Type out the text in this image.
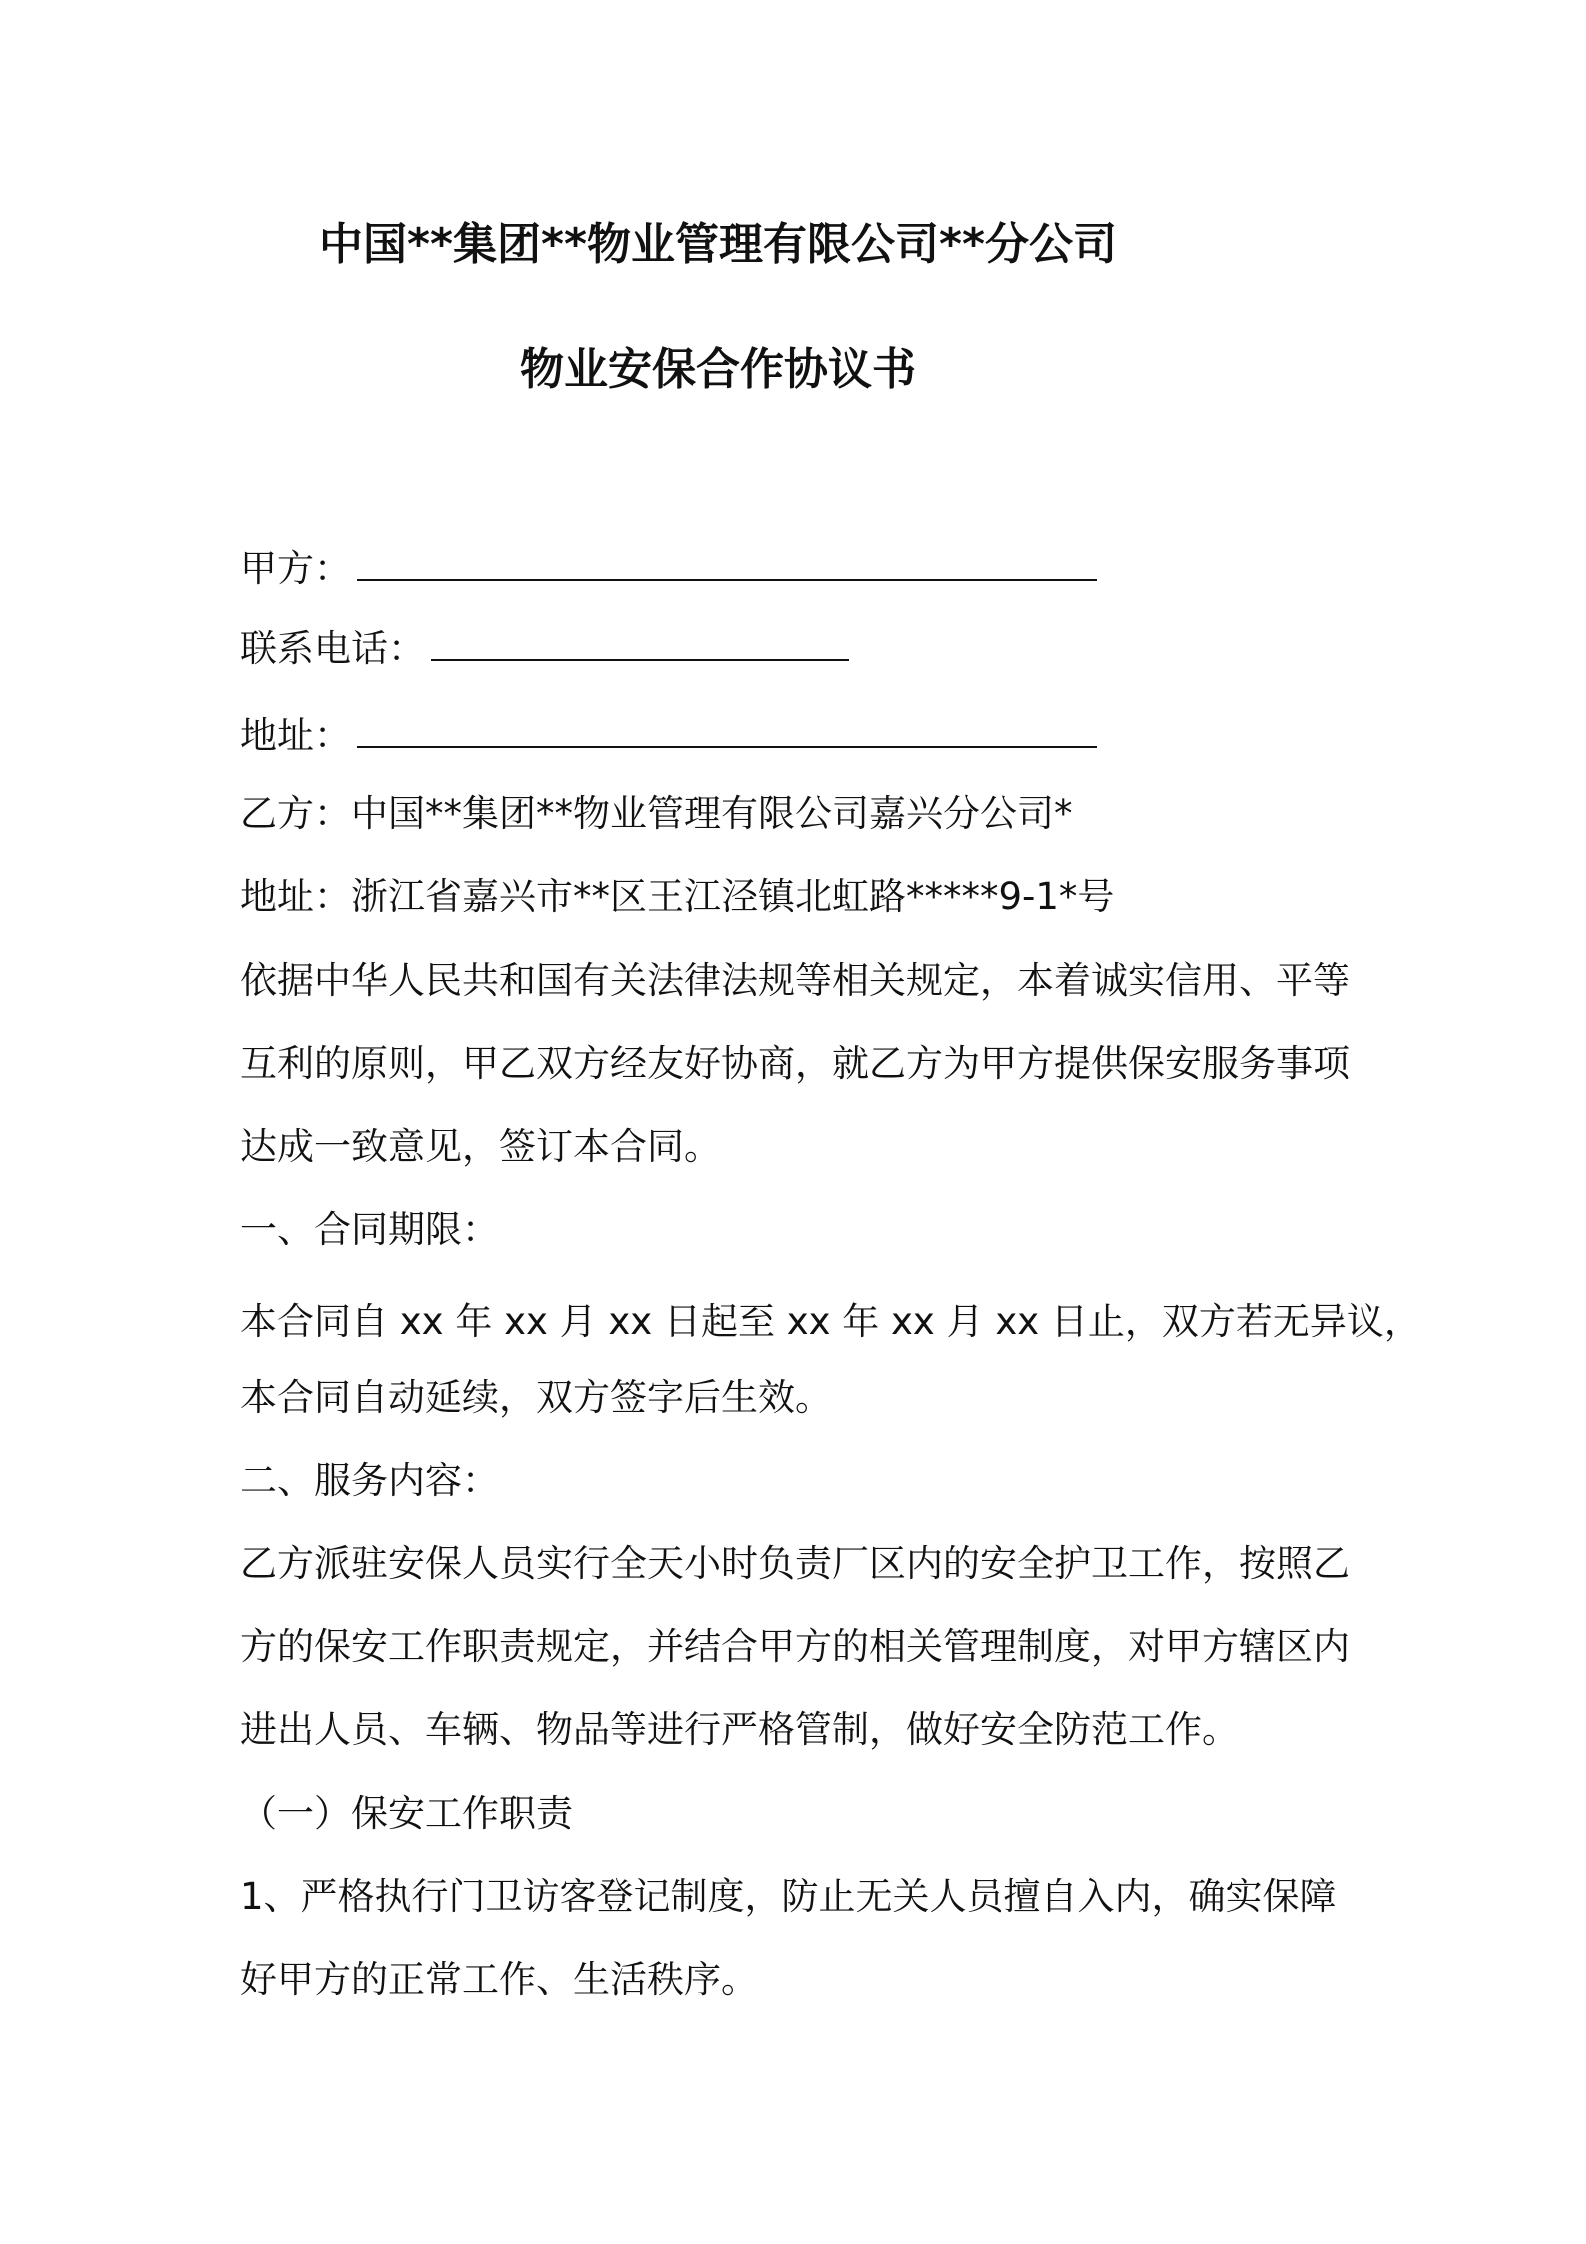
中国**集团**物业管理有限公司**分公司
物业安保合作协议书

甲方：

联系电话：

地址：

乙方：中国**集团**物业管理有限公司嘉兴分公司*

地址：浙江省嘉兴市**区王江泾镇北虹路*****9-1*号

依据中华人民共和国有关法律法规等相关规定，本着诚实信用、平等

互利的原则，甲乙双方经友好协商，就乙方为甲方提供保安服务事项

达成一致意见，签订本合同。

一、合同期限：

本合同自 xx 年 xx 月 xx 日起至 xx 年 xx 月 xx 日止，双方若无异议，

本合同自动延续，双方签字后生效。

二、服务内容：

乙方派驻安保人员实行全天小时负责厂区内的安全护卫工作，按照乙

方的保安工作职责规定，并结合甲方的相关管理制度，对甲方辖区内

进出人员、车辆、物品等进行严格管制，做好安全防范工作。

（一）保安工作职责

1、严格执行门卫访客登记制度，防止无关人员擅自入内，确实保障

好甲方的正常工作、生活秩序。
